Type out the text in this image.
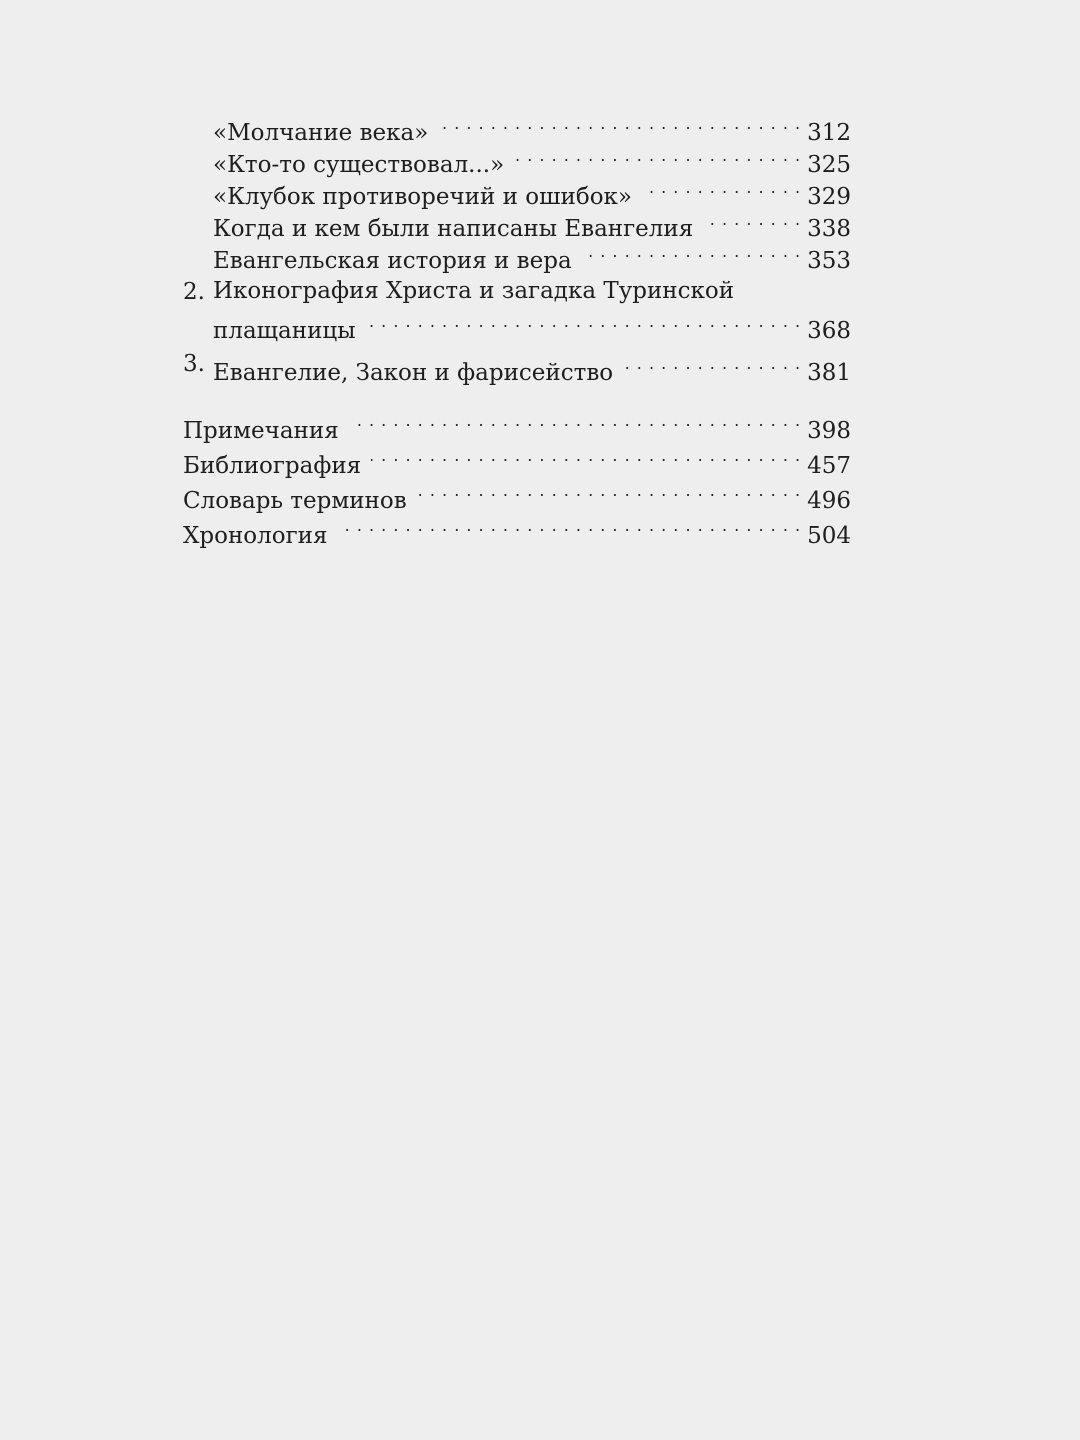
«Молчание века» . . .	312
«Кто-то существовал...» . . .	325
«Клубок противоречий и ошибок» . . .	329
Когда и кем были написаны Евангелия . . .	338
Евангельская история и вера . . .	353
2. Иконография Христа и загадка Туринской
плащаницы . . .	368
3. Евангелие, Закон и фарисейство . . .	381
Примечания . . .	398
Библиография . . .	457
Словарь терминов . . .	496
Хронология . . .	504
